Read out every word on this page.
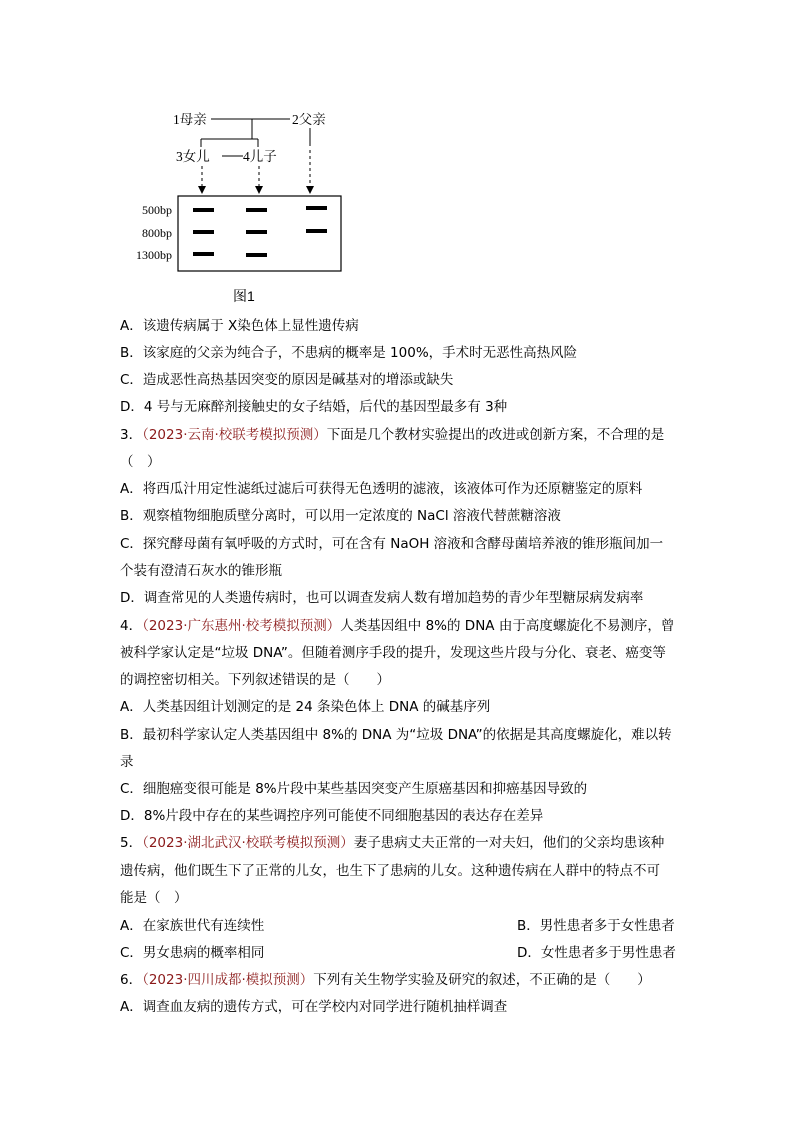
1母亲	2父亲
3女儿 4儿子
500bp
800bp
1300bp
图1
A．该遗传病属于 X染色体上显性遗传病
B．该家庭的父亲为纯合子，不患病的概率是 100%，手术时无恶性高热风险
C．造成恶性高热基因突变的原因是碱基对的增添或缺失
D．4 号与无麻醉剂接触史的女子结婚，后代的基因型最多有 3种
3．（2023·云南·校联考模拟预测）下面是几个教材实验提出的改进或创新方案，不合理的是
（　）
A．将西瓜汁用定性滤纸过滤后可获得无色透明的滤液，该液体可作为还原糖鉴定的原料
B．观察植物细胞质壁分离时，可以用一定浓度的 NaCl 溶液代替蔗糖溶液
C．探究酵母菌有氧呼吸的方式时，可在含有 NaOH 溶液和含酵母菌培养液的锥形瓶间加一
个装有澄清石灰水的锥形瓶
D．调查常见的人类遗传病时，也可以调查发病人数有增加趋势的青少年型糖尿病发病率
4．（2023·广东惠州·校考模拟预测）人类基因组中 8%的 DNA 由于高度螺旋化不易测序，曾
被科学家认定是“垃圾 DNA”。但随着测序手段的提升，发现这些片段与分化、衰老、癌变等
的调控密切相关。下列叙述错误的是（　　）
A．人类基因组计划测定的是 24 条染色体上 DNA 的碱基序列
B．最初科学家认定人类基因组中 8%的 DNA 为“垃圾 DNA”的依据是其高度螺旋化，难以转
录
C．细胞癌变很可能是 8%片段中某些基因突变产生原癌基因和抑癌基因导致的
D．8%片段中存在的某些调控序列可能使不同细胞基因的表达存在差异
5．（2023·湖北武汉·校联考模拟预测）妻子患病丈夫正常的一对夫妇，他们的父亲均患该种
遗传病，他们既生下了正常的儿女，也生下了患病的儿女。这种遗传病在人群中的特点不可
能是（　）
A．在家族世代有连续性	B．男性患者多于女性患者
C．男女患病的概率相同	D．女性患者多于男性患者
6．（2023·四川成都·模拟预测）下列有关生物学实验及研究的叙述，不正确的是（　　）
A．调查血友病的遗传方式，可在学校内对同学进行随机抽样调查
